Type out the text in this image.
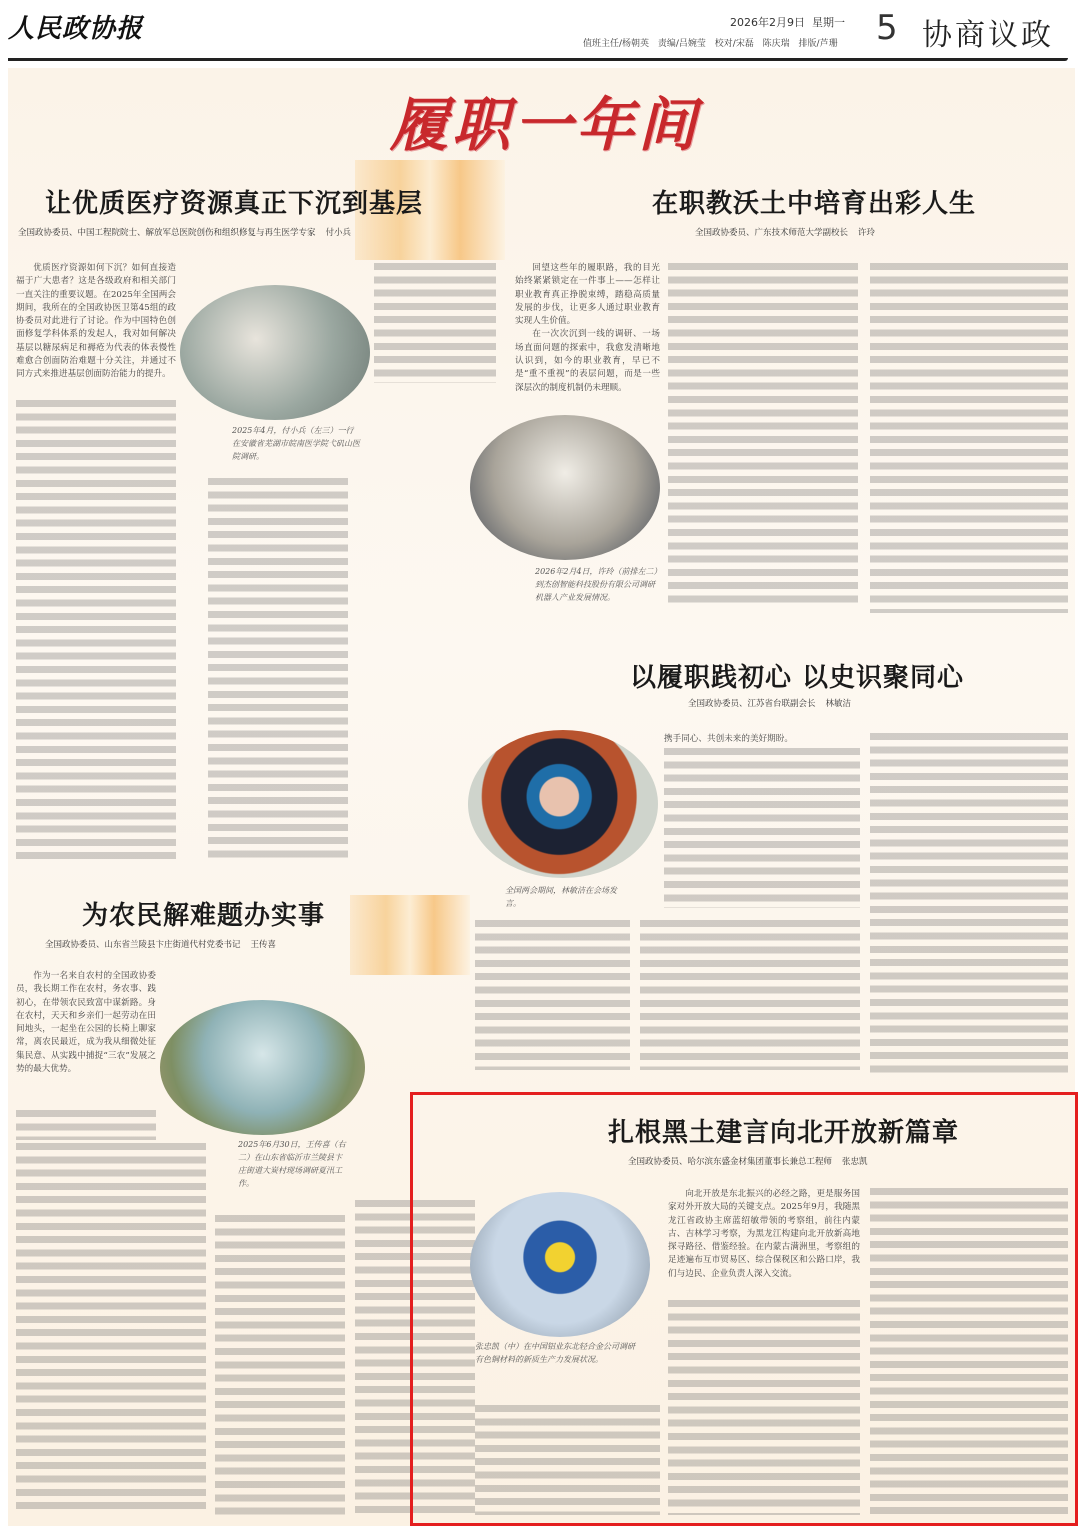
人民政协报	2026年2月9日 星期一
值班主任/杨朝英 责编/吕婉莹 校对/宋磊 陈庆瑞 排版/芦珊 5 协商议政
履职一年间
让优质医疗资源真正下沉到基层
全国政协委员、中国工程院院士、解放军总医院创伤和组织修复与再生医学专家 付小兵

优质医疗资源如何下沉？如何直接造福于广大患者？这是各级政府和相关部门一直关注的重要议题。在2025年全国两会期间，我所在的全国政协医卫第45组的政协委员对此进行了讨论。作为中国特色创面修复学科体系的发起人，我对如何解决基层以糖尿病足和褥疮为代表的体表慢性难愈合创面防治难题十分关注，并通过不同方式来推进基层创面防治能力的提升。

2025年4月，付小兵（左三）一行在安徽省芜湖市皖南医学院弋矶山医院调研。
在职教沃土中培育出彩人生
全国政协委员、广东技术师范大学副校长 许玲

回望这些年的履职路，我的目光始终紧紧锁定在一件事上——怎样让职业教育真正挣脱束缚，踏稳高质量发展的步伐，让更多人通过职业教育实现人生价值。

在一次次沉到一线的调研、一场场直面问题的探索中，我愈发清晰地认识到，如今的职业教育，早已不是“重不重视”的表层问题，而是一些深层次的制度机制仍未理顺。

2026年2月4日，许玲（前排左二）到杰创智能科技股份有限公司调研机器人产业发展情况。
以履职践初心 以史识聚同心
全国政协委员、江苏省台联副会长 林敏洁
全国两会期间，林敏洁在会场发言。

携手同心、共创未来的美好期盼。

为农民解难题办实事
全国政协委员、山东省兰陵县卞庄街道代村党委书记 王传喜

作为一名来自农村的全国政协委员，我长期工作在农村，务农事、践初心，在带领农民致富中谋新路。身在农村，天天和乡亲们一起劳动在田间地头，一起坐在公园的长椅上聊家常，离农民最近，成为我从细微处征集民意、从实践中捕捉“三农”发展之势的最大优势。

2025年6月30日，王传喜（右二）在山东省临沂市兰陵县卞庄街道大炭村现场调研夏汛工作。
扎根黑土建言向北开放新篇章
全国政协委员、哈尔滨东盛金材集团董事长兼总工程师 张忠凯
张忠凯（中）在中国铝业东北轻合金公司调研有色铜材料的新质生产力发展状况。

向北开放是东北振兴的必经之路，更是服务国家对外开放大局的关键支点。2025年9月，我随黑龙江省政协主席蓝绍敏带领的考察组，前往内蒙古、吉林学习考察，为黑龙江构建向北开放新高地探寻路径、借鉴经验。在内蒙古满洲里，考察组的足迹遍布互市贸易区、综合保税区和公路口岸，我们与边民、企业负责人深入交流。
